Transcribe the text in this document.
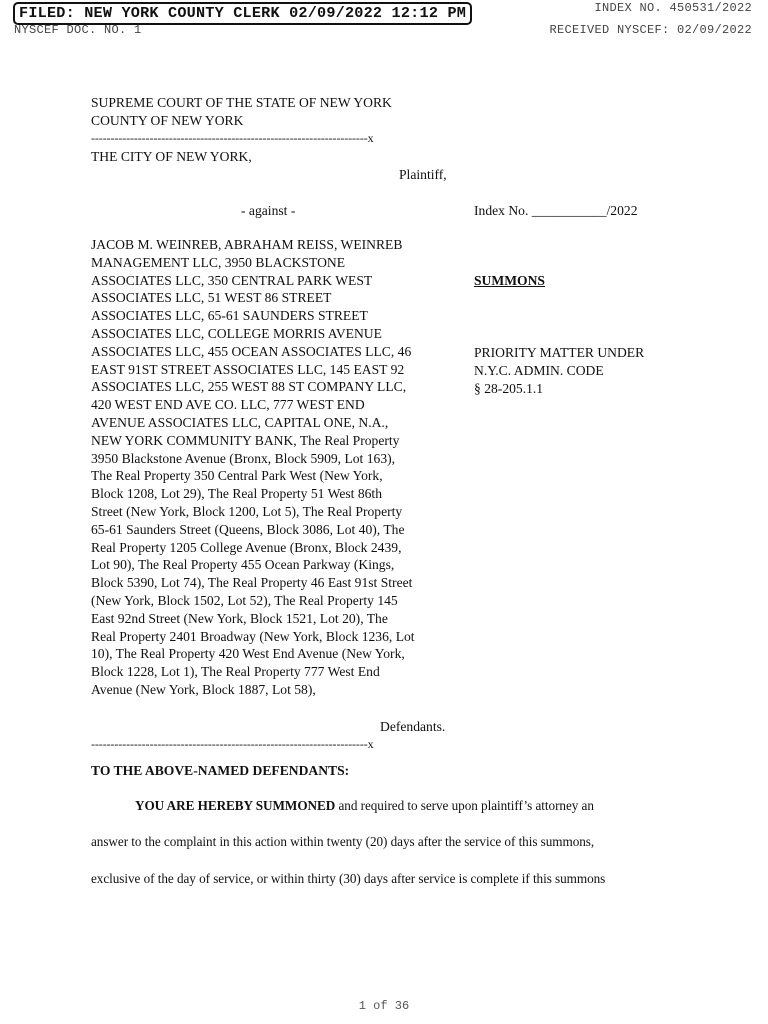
FILED: NEW YORK COUNTY CLERK 02/09/2022 12:12 PM	INDEX NO. 450531/2022
NYSCEF DOC. NO. 1	RECEIVED NYSCEF: 02/09/2022
SUPREME COURT OF THE STATE OF NEW YORK
COUNTY OF NEW YORK
-----------------------------------------------------------------------x
THE CITY OF NEW YORK,
Plaintiff,
- against -	Index No. ___________/2022
JACOB M. WEINREB, ABRAHAM REISS, WEINREB
MANAGEMENT LLC, 3950 BLACKSTONE
ASSOCIATES LLC, 350 CENTRAL PARK WEST
ASSOCIATES LLC, 51 WEST 86 STREET
ASSOCIATES LLC, 65-61 SAUNDERS STREET
ASSOCIATES LLC, COLLEGE MORRIS AVENUE
ASSOCIATES LLC, 455 OCEAN ASSOCIATES LLC, 46
EAST 91ST STREET ASSOCIATES LLC, 145 EAST 92
ASSOCIATES LLC, 255 WEST 88 ST COMPANY LLC,
420 WEST END AVE CO. LLC, 777 WEST END
AVENUE ASSOCIATES LLC, CAPITAL ONE, N.A.,
NEW YORK COMMUNITY BANK, The Real Property
3950 Blackstone Avenue (Bronx, Block 5909, Lot 163),
The Real Property 350 Central Park West (New York,
Block 1208, Lot 29), The Real Property 51 West 86th
Street (New York, Block 1200, Lot 5), The Real Property
65-61 Saunders Street (Queens, Block 3086, Lot 40), The
Real Property 1205 College Avenue (Bronx, Block 2439,
Lot 90), The Real Property 455 Ocean Parkway (Kings,
Block 5390, Lot 74), The Real Property 46 East 91st Street
(New York, Block 1502, Lot 52), The Real Property 145
East 92nd Street (New York, Block 1521, Lot 20), The
Real Property 2401 Broadway (New York, Block 1236, Lot
10), The Real Property 420 West End Avenue (New York,
Block 1228, Lot 1), The Real Property 777 West End
Avenue (New York, Block 1887, Lot 58),
SUMMONS
PRIORITY MATTER UNDER
N.Y.C. ADMIN. CODE
§ 28-205.1.1
Defendants.
-----------------------------------------------------------------------x
TO THE ABOVE-NAMED DEFENDANTS:
YOU ARE HEREBY SUMMONED and required to serve upon plaintiff’s attorney an
answer to the complaint in this action within twenty (20) days after the service of this summons,
exclusive of the day of service, or within thirty (30) days after service is complete if this summons
1 of 36
